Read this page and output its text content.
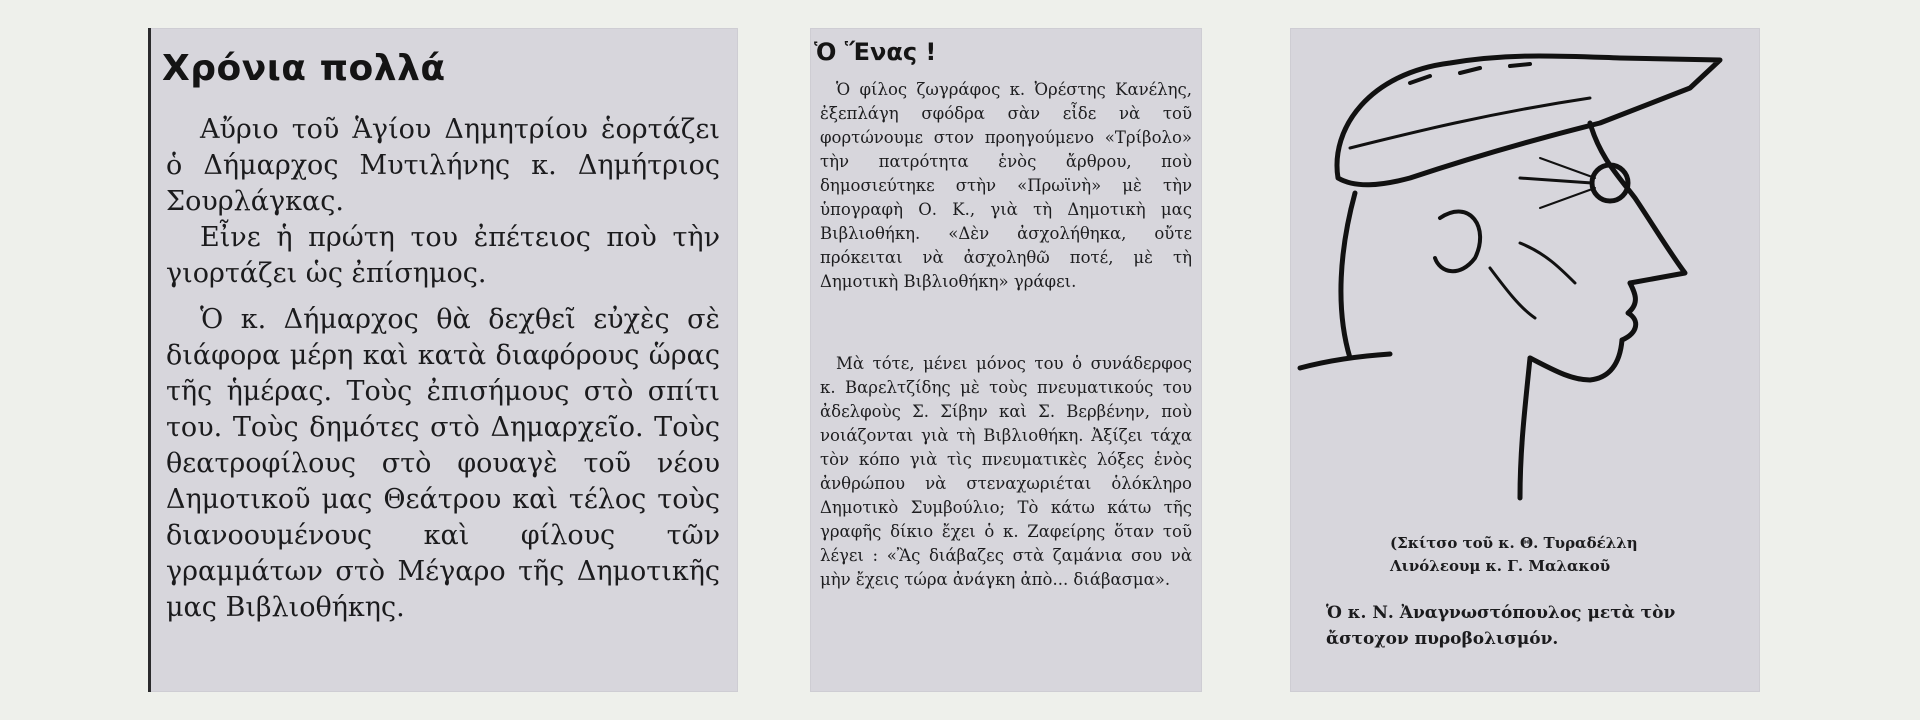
Χρόνια πολλά

Αὔριο τοῦ Ἁγίου Δημητρίου ἑορτάζει ὁ Δήμαρχος Μυτιλήνης κ. Δημήτριος Σουρλάγκας.

Εἶνε ἡ πρώτη του ἐπέτειος ποὺ τὴν γιορτάζει ὡς ἐπίσημος.

Ὁ κ. Δήμαρχος θὰ δεχθεῖ εὐχὲς σὲ διάφορα μέρη καὶ κατὰ διαφόρους ὥρας τῆς ἡμέρας. Τοὺς ἐπισήμους στὸ σπίτι του. Τοὺς δημότες στὸ Δημαρχεῖο. Τοὺς θεατροφίλους στὸ φουαγὲ τοῦ νέου Δημοτικοῦ μας Θεάτρου καὶ τέλος τοὺς διανοουμένους καὶ φίλους τῶν γραμμάτων στὸ Μέγαρο τῆς Δημοτικῆς μας Βιβλιοθήκης.

Ὁ Ἕνας !

Ὁ φίλος ζωγράφος κ. Ὀρέστης Κανέλης, ἐξεπλάγη σφόδρα σὰν εἶδε νὰ τοῦ φορτώνουμε στον προηγούμενο «Τρίβολο» τὴν πατρότητα ἑνὸς ἄρθρου, ποὺ δημοσιεύτηκε στὴν «Πρωϊνὴ» μὲ τὴν ὑπογραφὴ Ο. Κ., γιὰ τὴ Δημοτικὴ μας Βιβλιοθήκη. «Δὲν ἀσχολήθηκα, οὔτε πρόκειται νὰ ἀσχοληθῶ ποτέ, μὲ τὴ Δημοτικὴ Βιβλιοθήκη» γράφει.

Μὰ τότε, μένει μόνος του ὁ συνάδερφος κ. Βαρελτζίδης μὲ τοὺς πνευματικούς του ἀδελφοὺς Σ. Σίβην καὶ Σ. Βερβένην, ποὺ νοιάζονται γιὰ τὴ Βιβλιοθήκη. Ἀξίζει τάχα τὸν κόπο γιὰ τὶς πνευματικὲς λόξες ἑνὸς ἀνθρώπου νὰ στεναχωριέται ὁλόκληρο Δημοτικὸ Συμβούλιο; Τὸ κάτω κάτω τῆς γραφῆς δίκιο ἔχει ὁ κ. Ζαφείρης ὅταν τοῦ λέγει : «Ἂς διάβαζες στὰ ζαμάνια σου νὰ μὴν ἔχεις τώρα ἀνάγκη ἀπὸ... διάβασμα».

(Σκίτσο τοῦ κ. Θ. Τυραδέλλη
Λινόλεουμ κ. Γ. Μαλακοῦ

Ὁ κ. Ν. Ἀναγνωστόπουλος μετὰ τὸν ἄστοχον πυροβολισμόν.
